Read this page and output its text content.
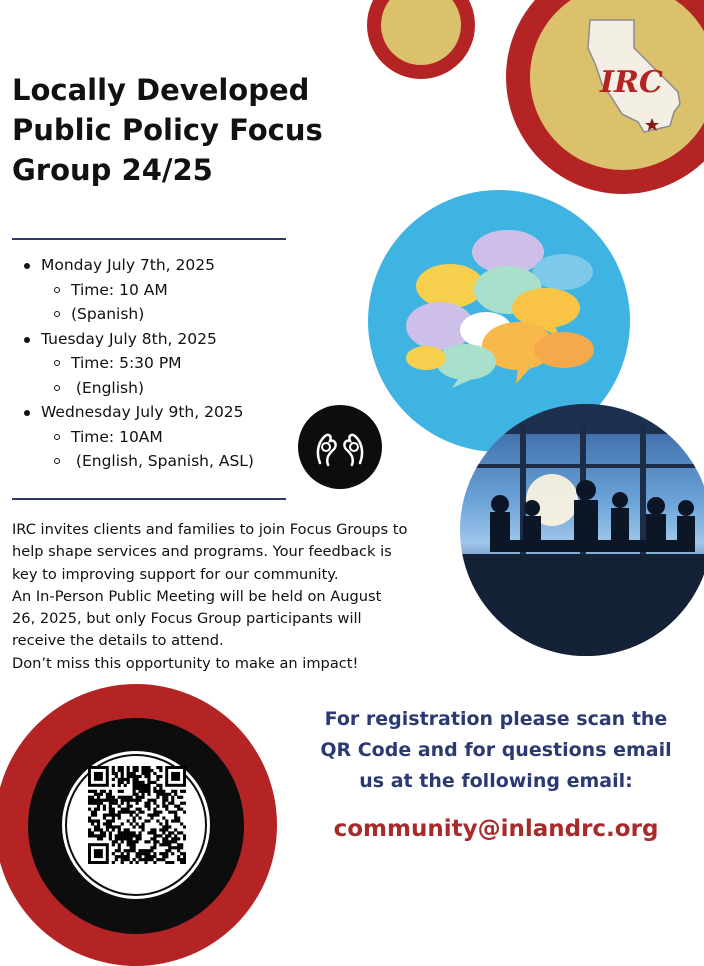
IRC
Locally Developed
Public Policy Focus
Group 24/25
Monday July 7th, 2025
Time: 10 AM
(Spanish)
Tuesday July 8th, 2025
Time: 5:30 PM
(English)
Wednesday July 9th, 2025
Time: 10AM
(English, Spanish, ASL)

IRC invites clients and families to join Focus Groups to

help shape services and programs. Your feedback is

key to improving support for our community.

An In-Person Public Meeting will be held on August

26, 2025, but only Focus Group participants will

receive the details to attend.

Don’t miss this opportunity to make an impact!

For registration please scan the
QR Code and for questions email
us at the following email:
community@inlandrc.org
